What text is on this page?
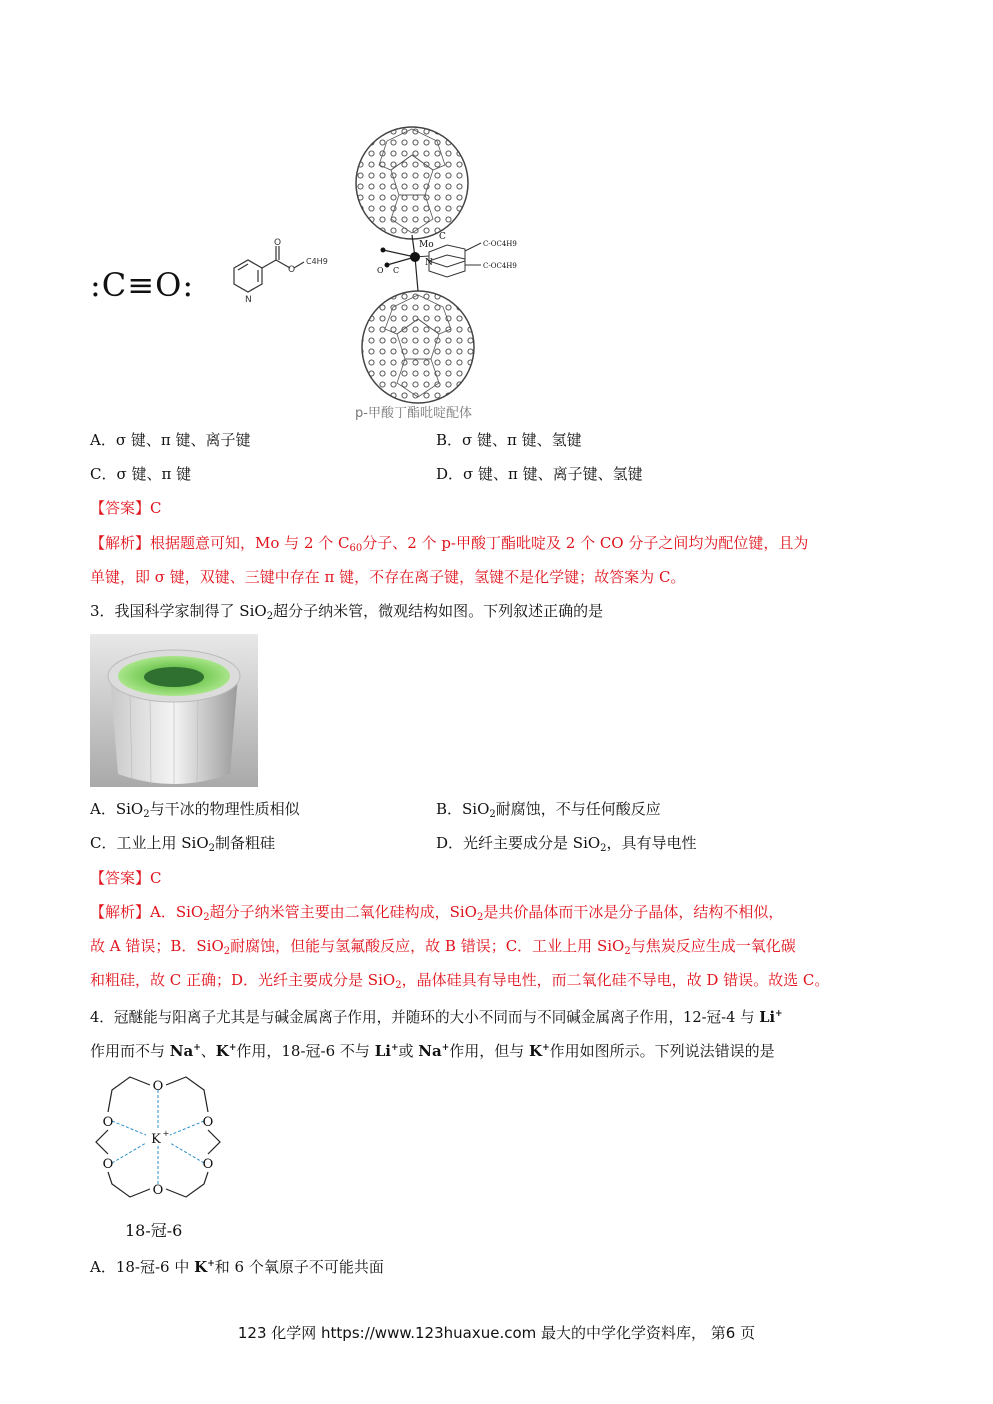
:C≡O:
O
O
N
C4H9
Mo
C
N
O C
C-OC4H9
C-OC4H9
p-甲酸丁酯吡啶配体
A．σ 键、π 键、离子键	B．σ 键、π 键、氢键
C．σ 键、π 键	D．σ 键、π 键、离子键、氢键
【答案】C
【解析】根据题意可知，Mo 与 2 个 $C_{60}$分子、2 个 p-甲酸丁酯吡啶及 2 个 CO 分子之间均为配位键，且为
单键，即 σ 键，双键、三键中存在 π 键，不存在离子键，氢键不是化学键；故答案为 C。
3．我国科学家制得了 SiO$_2$超分子纳米管，微观结构如图。下列叙述正确的是
A．SiO$_2$与干冰的物理性质相似	B．SiO$_2$耐腐蚀，不与任何酸反应
C．工业上用 SiO$_2$制备粗硅	D．光纤主要成分是 SiO$_2$，具有导电性
【答案】C
【解析】A．SiO$_2$超分子纳米管主要由二氧化硅构成，SiO$_2$是共价晶体而干冰是分子晶体，结构不相似，
故 A 错误；B．SiO$_2$耐腐蚀，但能与氢氟酸反应，故 B 错误；C．工业上用 SiO$_2$与焦炭反应生成一氧化碳
和粗硅，故 C 正确；D．光纤主要成分是 SiO$_2$，晶体硅具有导电性，而二氧化硅不导电，故 D 错误。故选 C。
4．冠醚能与阳离子尤其是与碱金属离子作用，并随环的大小不同而与不同碱金属离子作用，12-冠-4 与 Li+
作用而不与 Na+、K+作用，18-冠-6 不与 Li+或 Na+作用，但与 K+作用如图所示。下列说法错误的是
O
O	O
O	O
O
K +
18-冠-6
A．18-冠-6 中 K+和 6 个氧原子不可能共面
123 化学网 https://www.123huaxue.com 最大的中学化学资料库， 第6 页
